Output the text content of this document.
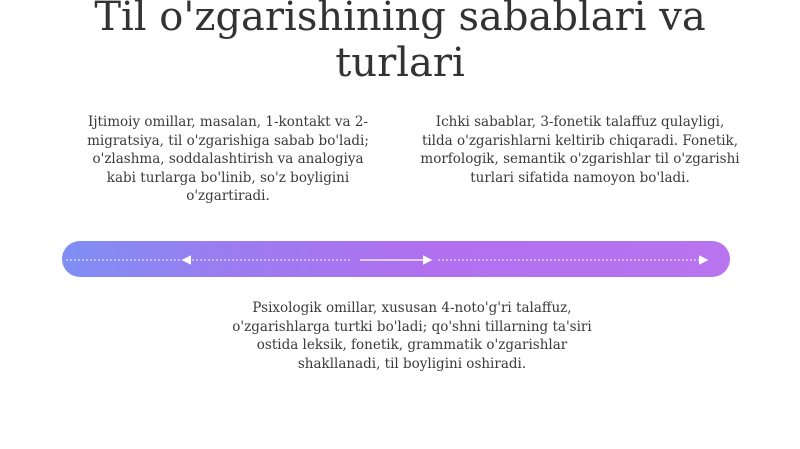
Til o'zgarishining sabablari va turlari

Ijtimoiy omillar, masalan, 1-kontakt va 2-migratsiya, til o'zgarishiga sabab bo'ladi; o'zlashma, soddalashtirish va analogiya kabi turlarga bo'linib, so'z boyligini o'zgartiradi.

Ichki sabablar, 3-fonetik talaffuz qulayligi, tilda o'zgarishlarni keltirib chiqaradi. Fonetik, morfologik, semantik o'zgarishlar til o'zgarishi turlari sifatida namoyon bo'ladi.

Psixologik omillar, xususan 4-noto'g'ri talaffuz, o'zgarishlarga turtki bo'ladi; qo'shni tillarning ta'siri ostida leksik, fonetik, grammatik o'zgarishlar shakllanadi, til boyligini oshiradi.
